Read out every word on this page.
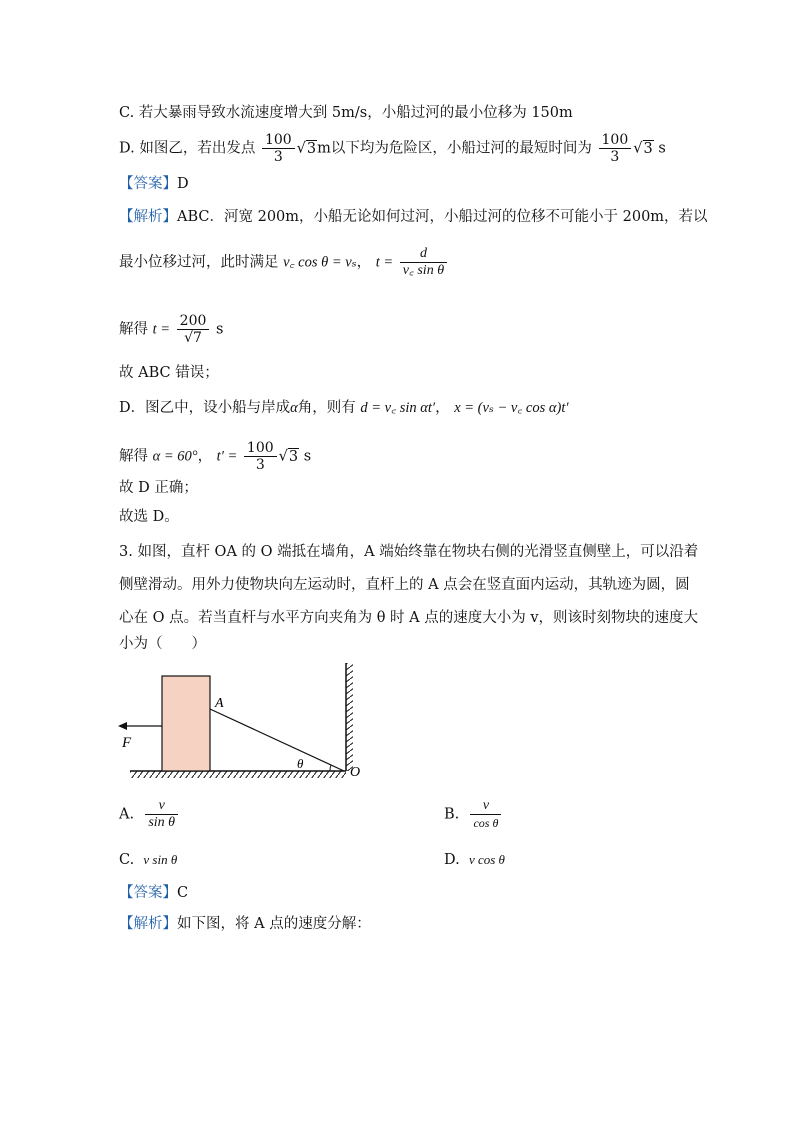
C. 若大暴雨导致水流速度增大到 5m/s，小船过河的最小位移为 150m
D. 如图乙，若出发点 $\frac{100}{3} √3m$以下均为危险区，小船过河的最短时间为 $\frac{100}{3} √3$ s
【答案】D
【解析】ABC．河宽 200m，小船无论如何过河，小船过河的位移不可能小于 200m，若以
最小位移过河，此时满足 v꜀ cos θ = vₛ， $t = \frac{d}{\text{v꜀ sin θ}}$
解得 $t = \frac{200}{√7}$ s
故 ABC 错误；
D．图乙中，设小船与岸成α角，则有 d = v꜀ sin αt′， x = (vₛ − v꜀ cos α)t′
解得 α = 60°， $t' = \frac{100}{3} √3$ s
故 D 正确；
故选 D。
3. 如图，直杆 OA 的 O 端抵在墙角，A 端始终靠在物块右侧的光滑竖直侧壁上，可以沿着
侧壁滑动。用外力使物块向左运动时，直杆上的 A 点会在竖直面内运动，其轨迹为圆，圆
心在 O 点。若当直杆与水平方向夹角为 θ 时 A 点的速度大小为 v，则该时刻物块的速度大
小为（　　）
A
F
θ
O
A. $\frac{v}{\text{sin θ}}$	B. $\frac{v}{\text{cos θ}}$
C. v sin θ	D. v cos θ
【答案】C
【解析】如下图，将 A 点的速度分解：
